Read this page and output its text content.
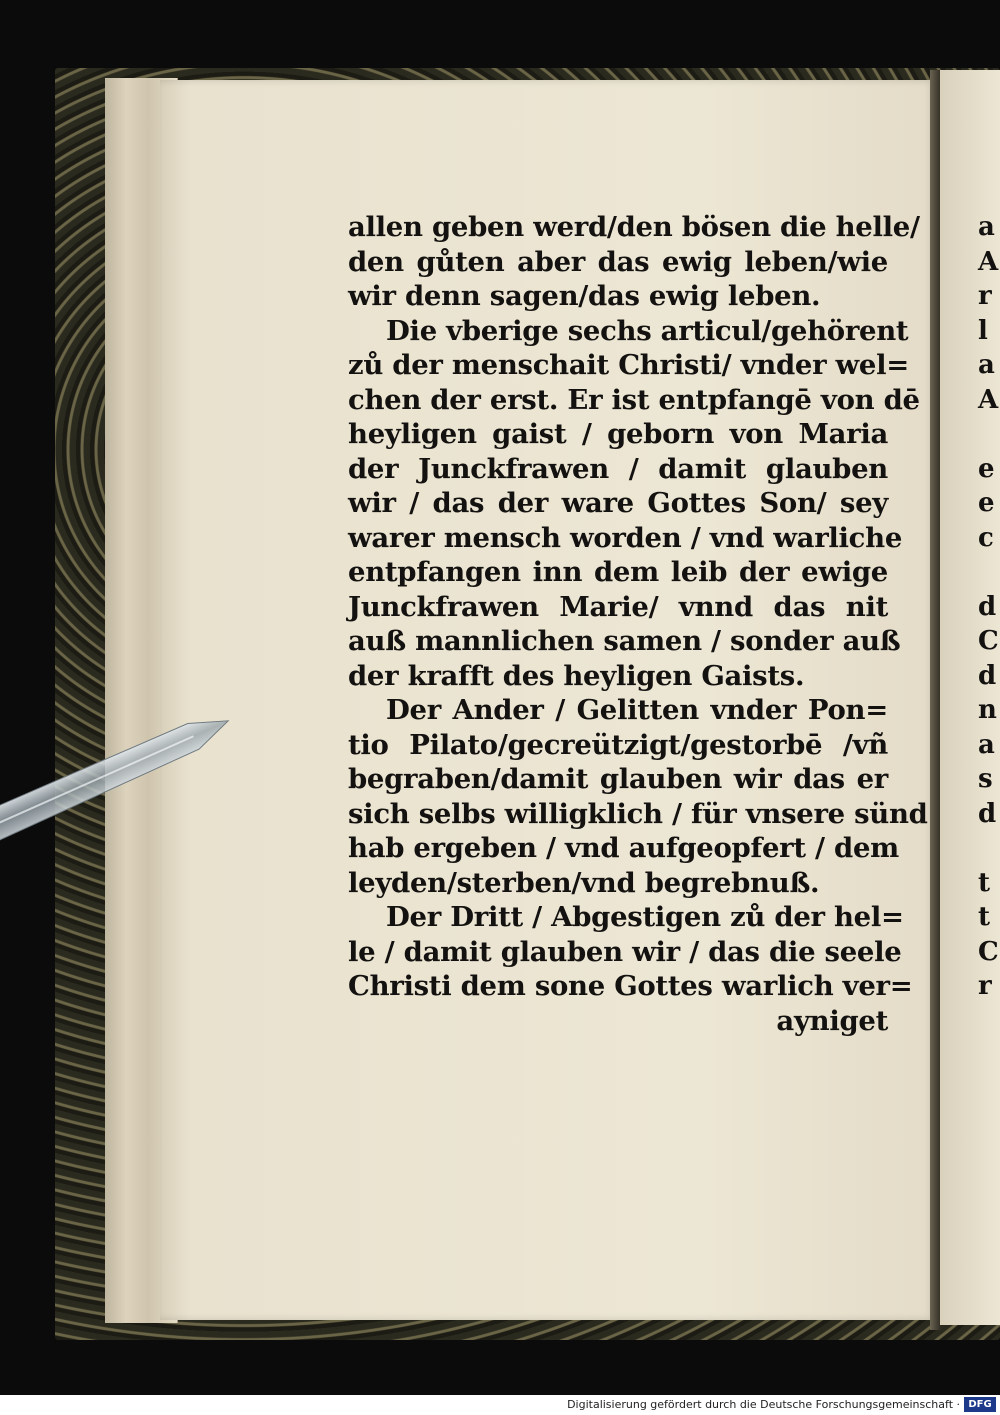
allen geben werd/den bösen die helle/
den gůten aber das ewig leben/wie
wir denn sagen/das ewig leben.
Die vberige sechs articul/gehörent
zů der menschait Christi/ vnder wel=
chen der erst. Er ist entpfangē von dē
heyligen gaist / geborn von Maria
der Junckfrawen / damit glauben
wir / das der ware Gottes Son/ sey
warer mensch worden / vnd warliche
entpfangen inn dem leib der ewige
Junckfrawen Marie/ vnnd das nit
auß mannlichen samen / sonder auß
der krafft des heyligen Gaists.
Der Ander / Gelitten vnder Pon=
tio Pilato/gecreützigt/gestorbē /vñ
begraben/damit glauben wir das er
sich selbs willigklich / für vnsere sünd
hab ergeben / vnd aufgeopfert / dem
leyden/sterben/vnd begrebnuß.
Der Dritt / Abgestigen zů der hel=
le / damit glauben wir / das die seele
Christi dem sone Gottes warlich ver=
ayniget
a
A
r
l
a
A
e
e
c
d
C
d
n
a
s
d
t
t
C
r
Digitalisierung gefördert durch die Deutsche Forschungsgemeinschaft · DFG
